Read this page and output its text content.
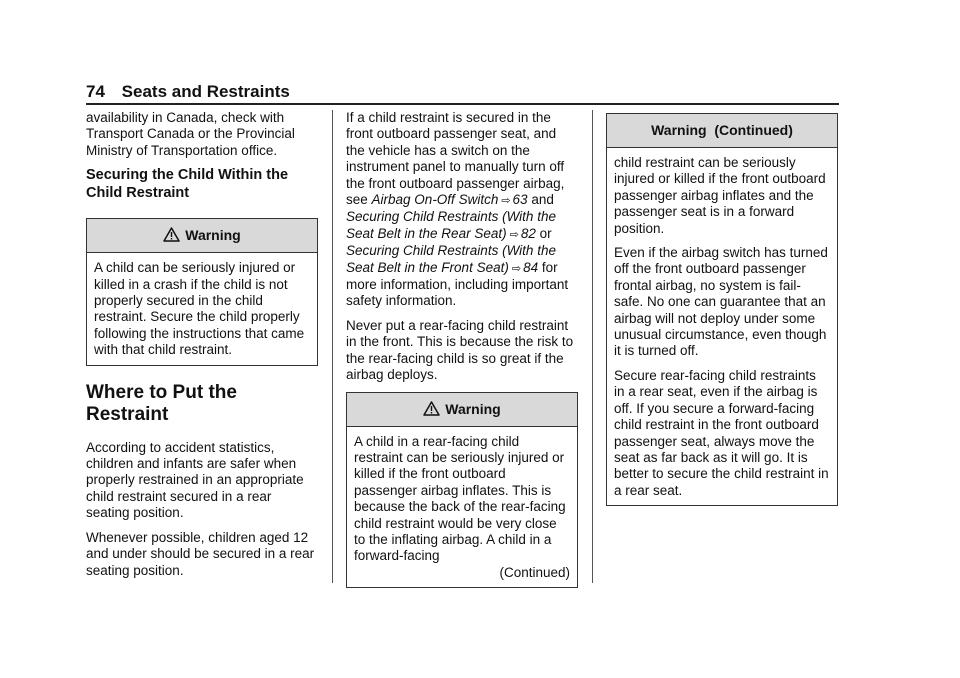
74 Seats and Restraints

availability in Canada, check with Transport Canada or the Provincial Ministry of Transportation office.

Securing the Child Within the Child Restraint
Warning

A child can be seriously injured or killed in a crash if the child is not properly secured in the child restraint. Secure the child properly following the instructions that came with that child restraint.

Where to Put the Restraint

According to accident statistics, children and infants are safer when properly restrained in an appropriate child restraint secured in a rear seating position.

Whenever possible, children aged 12 and under should be secured in a rear seating position.

If a child restraint is secured in the front outboard passenger seat, and the vehicle has a switch on the instrument panel to manually turn off the front outboard passenger airbag, see Airbag On-Off Switch ⇨ 63 and Securing Child Restraints (With the Seat Belt in the Rear Seat) ⇨ 82 or Securing Child Restraints (With the Seat Belt in the Front Seat) ⇨ 84 for more information, including important safety information.

Never put a rear-facing child restraint in the front. This is because the risk to the rear-facing child is so great if the airbag deploys.

Warning

A child in a rear-facing child restraint can be seriously injured or killed if the front outboard passenger airbag inflates. This is because the back of the rear-facing child restraint would be very close to the inflating airbag. A child in a forward-facing

(Continued)
Warning  (Continued)

child restraint can be seriously injured or killed if the front outboard passenger airbag inflates and the passenger seat is in a forward position.

Even if the airbag switch has turned off the front outboard passenger frontal airbag, no system is fail-safe. No one can guarantee that an airbag will not deploy under some unusual circumstance, even though it is turned off.

Secure rear-facing child restraints in a rear seat, even if the airbag is off. If you secure a forward-facing child restraint in the front outboard passenger seat, always move the seat as far back as it will go. It is better to secure the child restraint in a rear seat.
